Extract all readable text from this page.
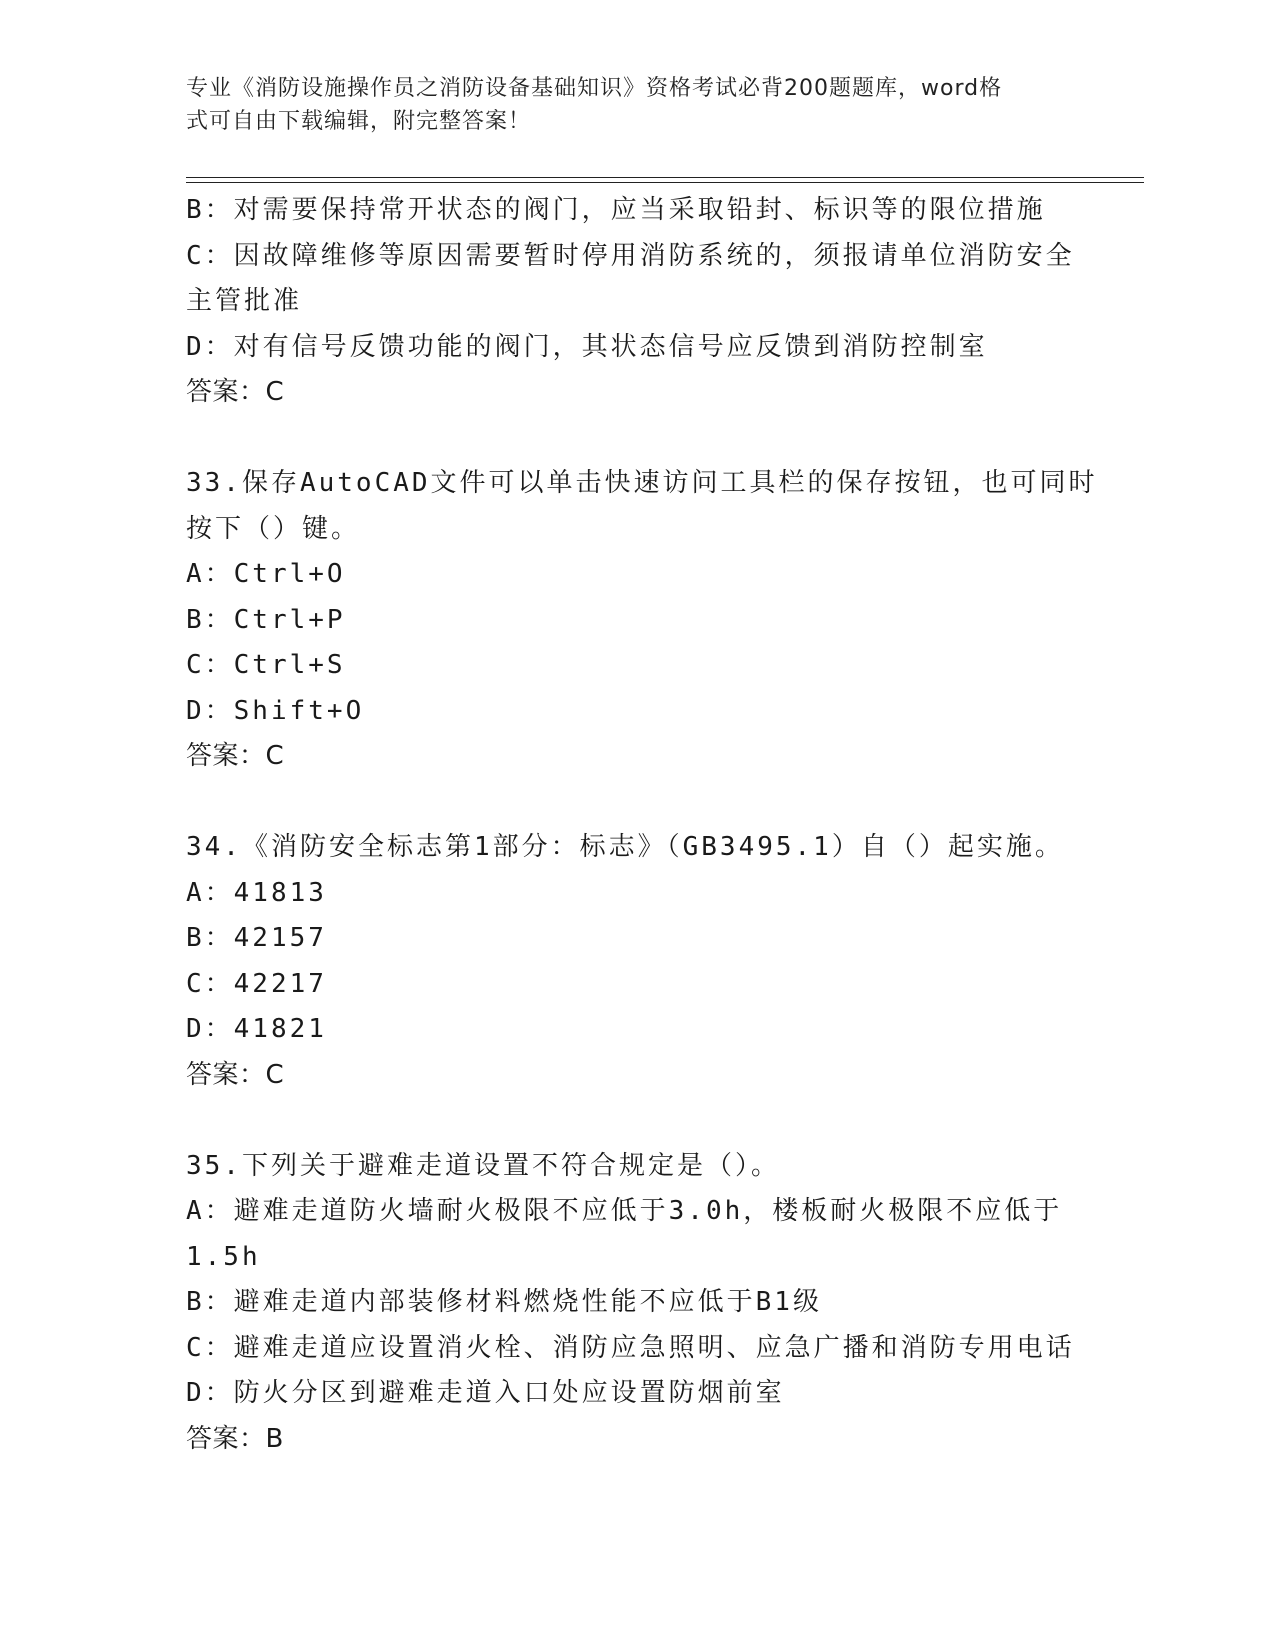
专业《消防设施操作员之消防设备基础知识》资格考试必背200题题库，word格
式可自由下载编辑，附完整答案！
B：对需要保持常开状态的阀门，应当采取铅封、标识等的限位措施
C：因故障维修等原因需要暂时停用消防系统的，须报请单位消防安全
主管批准
D：对有信号反馈功能的阀门，其状态信号应反馈到消防控制室
答案：C
33.保存AutoCAD文件可以单击快速访问工具栏的保存按钮，也可同时
按下（）键。
A：Ctrl+O
B：Ctrl+P
C：Ctrl+S
D：Shift+O
答案：C
34.《消防安全标志第1部分：标志》（GB3495.1）自（）起实施。
A：41813
B：42157
C：42217
D：41821
答案：C
35.下列关于避难走道设置不符合规定是（）。
A：避难走道防火墙耐火极限不应低于3.0h，楼板耐火极限不应低于
1.5h
B：避难走道内部装修材料燃烧性能不应低于B1级
C：避难走道应设置消火栓、消防应急照明、应急广播和消防专用电话
D：防火分区到避难走道入口处应设置防烟前室
答案：B
